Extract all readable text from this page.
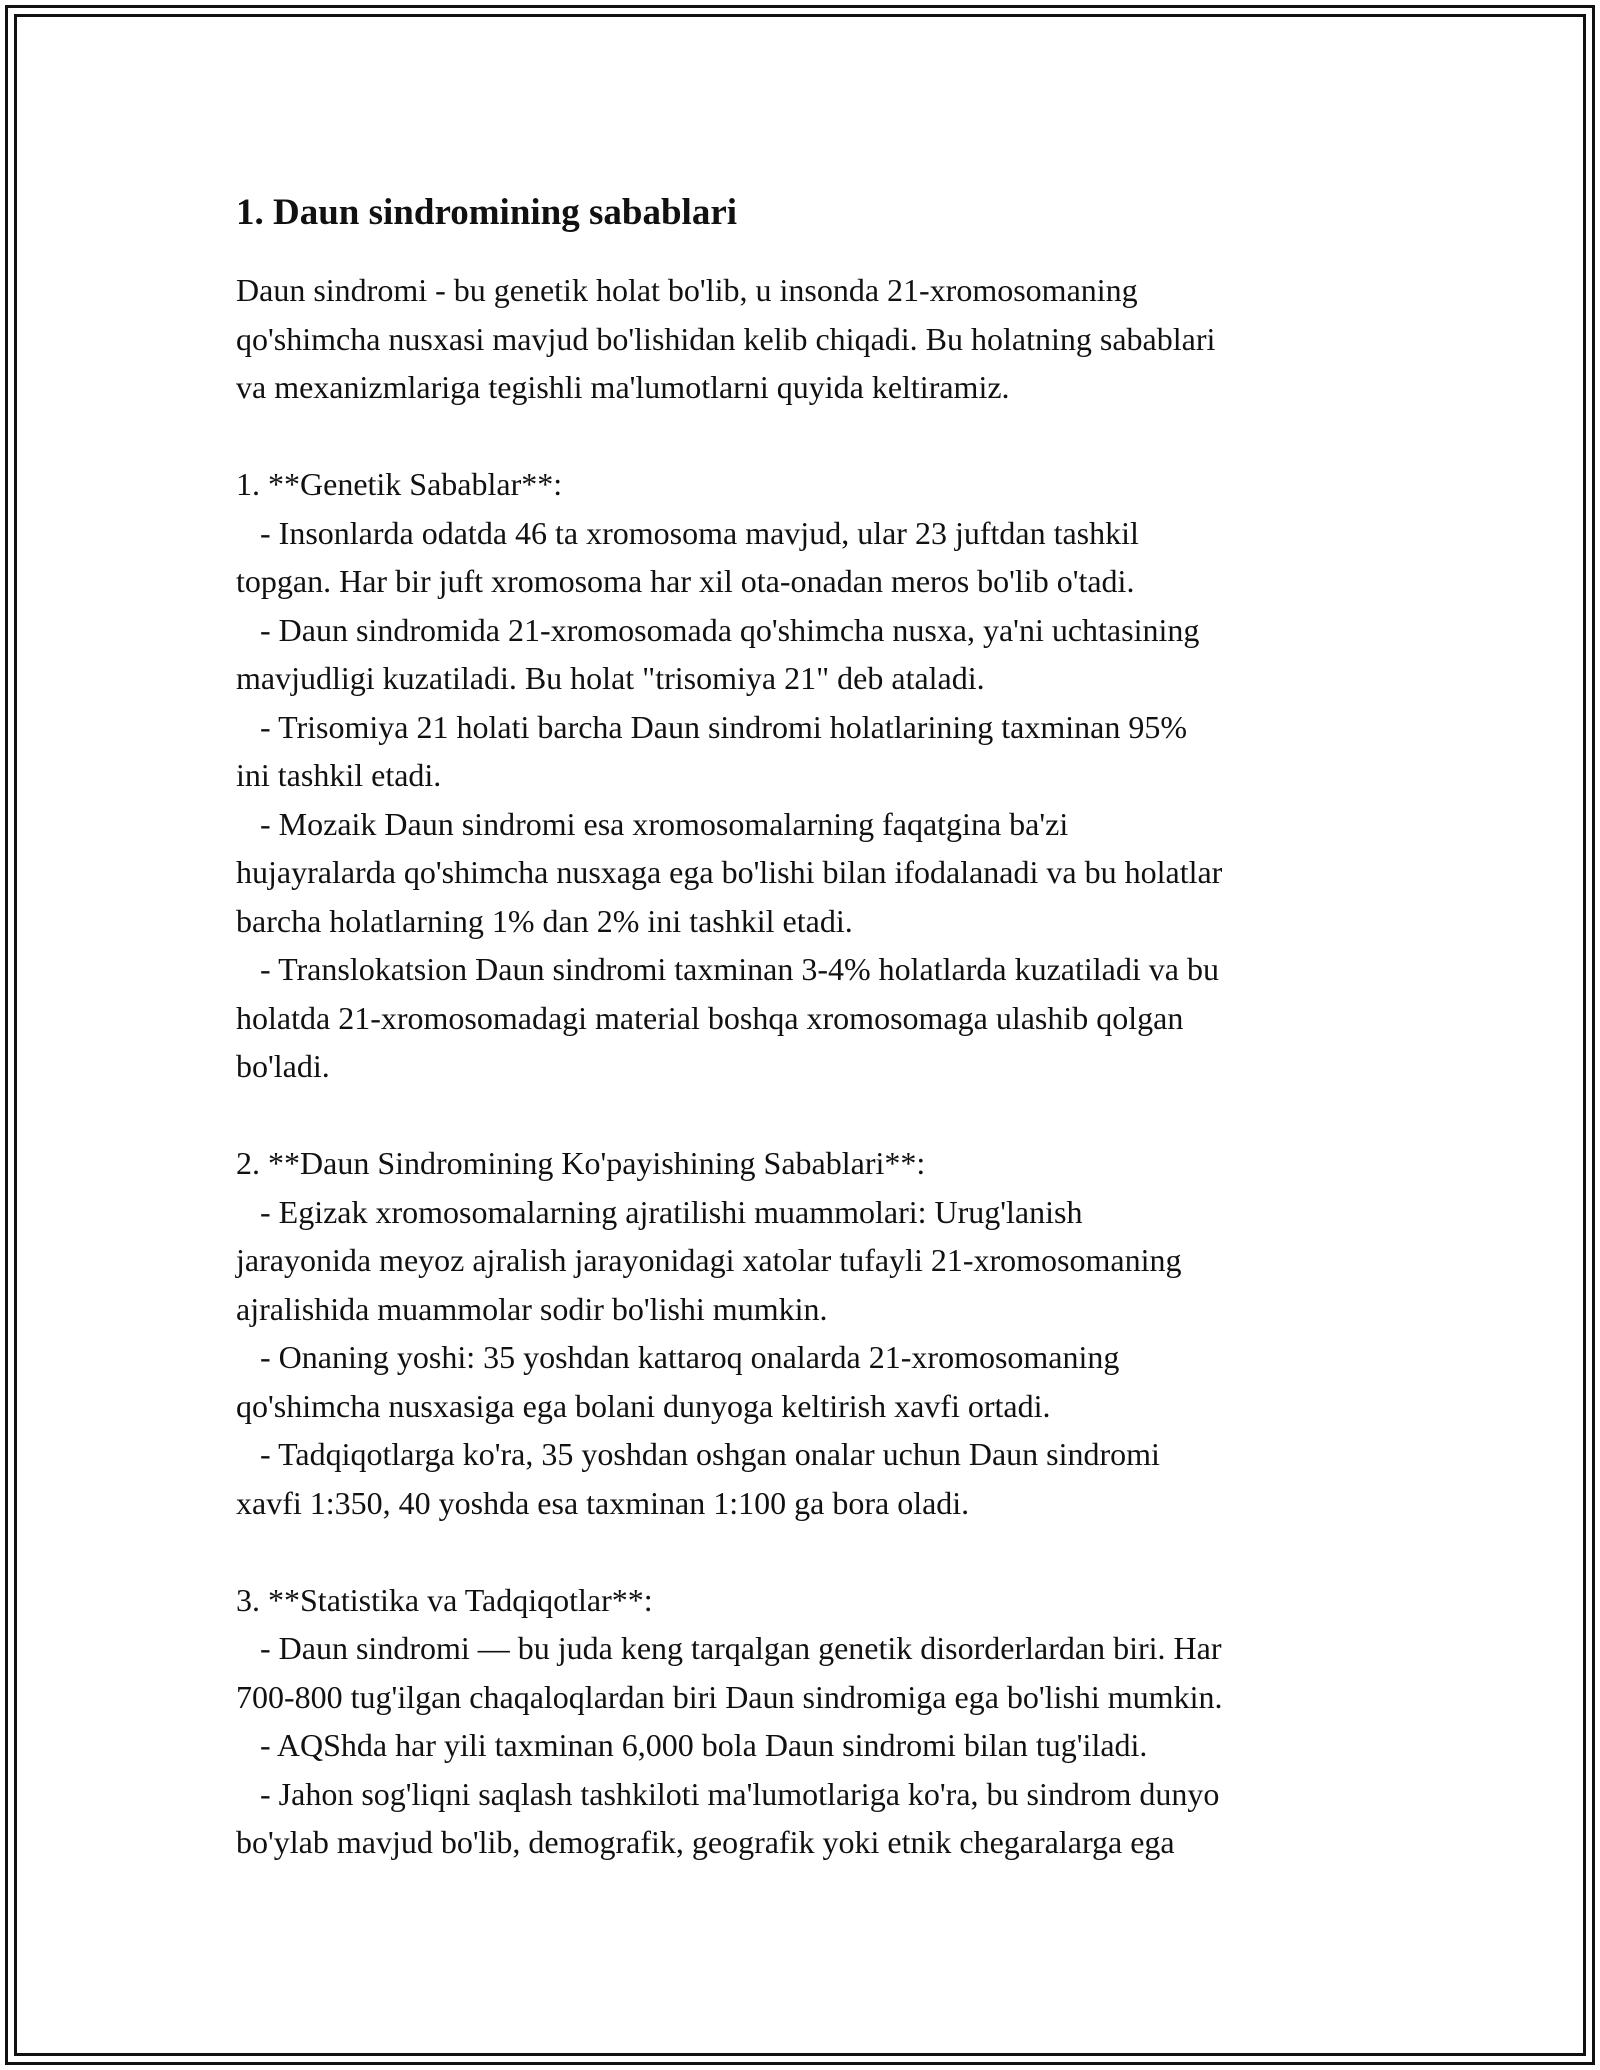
1. Daun sindromining sabablari

Daun sindromi - bu genetik holat bo'lib, u insonda 21-xromosomaning
qo'shimcha nusxasi mavjud bo'lishidan kelib chiqadi. Bu holatning sabablari
va mexanizmlariga tegishli ma'lumotlarni quyida keltiramiz.

1. **Genetik Sabablar**:
- Insonlarda odatda 46 ta xromosoma mavjud, ular 23 juftdan tashkil
topgan. Har bir juft xromosoma har xil ota-onadan meros bo'lib o'tadi.
- Daun sindromida 21-xromosomada qo'shimcha nusxa, ya'ni uchtasining
mavjudligi kuzatiladi. Bu holat "trisomiya 21" deb ataladi.
- Trisomiya 21 holati barcha Daun sindromi holatlarining taxminan 95%
ini tashkil etadi.
- Mozaik Daun sindromi esa xromosomalarning faqatgina ba'zi
hujayralarda qo'shimcha nusxaga ega bo'lishi bilan ifodalanadi va bu holatlar
barcha holatlarning 1% dan 2% ini tashkil etadi.
- Translokatsion Daun sindromi taxminan 3-4% holatlarda kuzatiladi va bu
holatda 21-xromosomadagi material boshqa xromosomaga ulashib qolgan
bo'ladi.

2. **Daun Sindromining Ko'payishining Sabablari**:
- Egizak xromosomalarning ajratilishi muammolari: Urug'lanish
jarayonida meyoz ajralish jarayonidagi xatolar tufayli 21-xromosomaning
ajralishida muammolar sodir bo'lishi mumkin.
- Onaning yoshi: 35 yoshdan kattaroq onalarda 21-xromosomaning
qo'shimcha nusxasiga ega bolani dunyoga keltirish xavfi ortadi.
- Tadqiqotlarga ko'ra, 35 yoshdan oshgan onalar uchun Daun sindromi
xavfi 1:350, 40 yoshda esa taxminan 1:100 ga bora oladi.

3. **Statistika va Tadqiqotlar**:
- Daun sindromi — bu juda keng tarqalgan genetik disorderlardan biri. Har
700-800 tug'ilgan chaqaloqlardan biri Daun sindromiga ega bo'lishi mumkin.
- AQShda har yili taxminan 6,000 bola Daun sindromi bilan tug'iladi.
- Jahon sog'liqni saqlash tashkiloti ma'lumotlariga ko'ra, bu sindrom dunyo
bo'ylab mavjud bo'lib, demografik, geografik yoki etnik chegaralarga ega
